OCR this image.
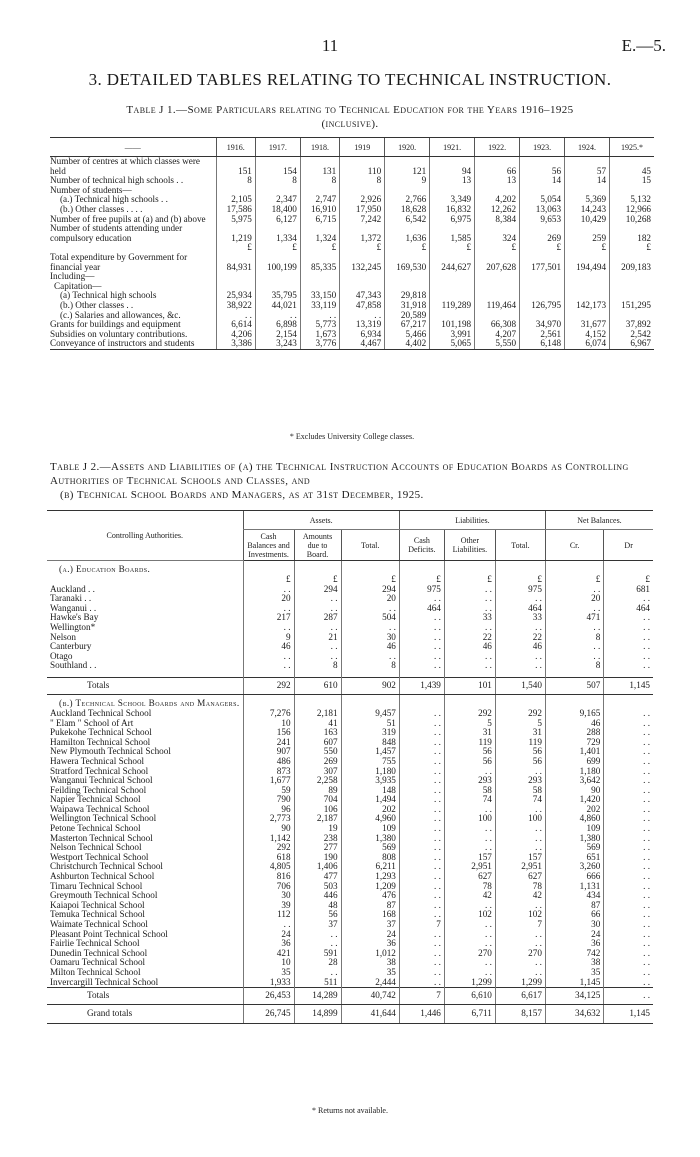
11	E.—5.
3. DETAILED TABLES RELATING TO TECHNICAL INSTRUCTION.
Table J 1.—Some Particulars relating to Technical Education for the Years 1916–1925
(inclusive).
——	1916.	1917.	1918.	1919	1920.	1921.	1922.	1923.	1924.	1925.*
Number of centres at which classes were held	151	154	131	110	121	94	66	56	57	45
Number of technical high schools . .	8	8	8	8	9	13	13	14	14	15
Number of students—										
(a.) Technical high schools . .	2,105	2,347	2,747	2,926	2,766	3,349	4,202	5,054	5,369	5,132
(b.) Other classes . . . .	17,586	18,400	16,910	17,950	18,628	16,832	12,262	13,063	14,243	12,966
Number of free pupils at (a) and (b) above	5,975	6,127	6,715	7,242	6,542	6,975	8,384	9,653	10,429	10,268
Number of students attending under compulsory education	1,219	1,334	1,324	1,372	1,636	1,585	324	269	259	182
	£	£	£	£	£	£	£	£	£	£
Total expenditure by Government for financial year	84,931	100,199	85,335	132,245	169,530	244,627	207,628	177,501	194,494	209,183
Including—										
Capitation—										
(a) Technical high schools	25,934	35,795	33,150	47,343	29,818					
(b.) Other classes . .	38,922	44,021	33,119	47,858	31,918	119,289	119,464	126,795	142,173	151,295
(c.) Salaries and allowances, &c.	. .	. .	. .	. .	20,589					
Grants for buildings and equipment	6,614	6,898	5,773	13,319	67,217	101,198	66,308	34,970	31,677	37,892
Subsidies on voluntary contributions.	4,206	2,154	1,673	6,934	5,466	3,991	4,207	2,561	4,152	2,542
Conveyance of instructors and students	3,386	3,243	3,776	4,467	4,402	5,065	5,550	6,148	6,074	6,967
* Excludes University College classes.
Table J 2.—Assets and Liabilities of (a) the Technical Instruction Accounts of Education Boards as Controlling Authorities of Technical Schools and Classes, and
(b) Technical School Boards and Managers, as at 31st December, 1925.
Controlling Authorities.	Assets.			Liabilities.			Net Balances.	
	Cash Balances and Investments.	Amounts due to Board.	Total.	Cash Deficits.	Other Liabilities.	Total.	Cr.	Dr
(a.) Education Boards.								
	£	£	£	£	£	£	£	£
Auckland . .	. .	294	294	975	. .	975	. .	681
Taranaki . .	20	. .	20	. .	. .	. .	20	. .
Wanganui . .	. .	. .	. .	464	. .	464	. .	464
Hawke's Bay	217	287	504	. .	33	33	471	. .
Wellington*	. .	. .	. .	. .	. .	. .	. .	. .
Nelson	9	21	30	. .	22	22	8	. .
Canterbury	46	. .	46	. .	46	46	. .	. .
Otago	. .	. .	. .	. .	. .	. .	. .	. .
Southland . .	. .	8	8	. .	. .	. .	8	. .

Totals	292	610	902	1,439	101	1,540	507	1,145
(b.) Technical School Boards and Managers.								
Auckland Technical School	7,276	2,181	9,457	. .	292	292	9,165	. .
" Elam " School of Art	10	41	51	. .	5	5	46	. .
Pukekohe Technical School	156	163	319	. .	31	31	288	. .
Hamilton Technical School	241	607	848	. .	119	119	729	. .
New Plymouth Technical School	907	550	1,457	. .	56	56	1,401	. .
Hawera Technical School	486	269	755	. .	56	56	699	. .
Stratford Technical School	873	307	1,180	. .	. .	. .	1,180	. .
Wanganui Technical School	1,677	2,258	3,935	. .	293	293	3,642	. .
Feilding Technical School	59	89	148	. .	58	58	90	. .
Napier Technical School	790	704	1,494	. .	74	74	1,420	. .
Waipawa Technical School	96	106	202	. .	. .	. .	202	. .
Wellington Technical School	2,773	2,187	4,960	. .	100	100	4,860	. .
Petone Technical School	90	19	109	. .	. .	. .	109	. .
Masterton Technical School	1,142	238	1,380	. .	. .	. .	1,380	. .
Nelson Technical School	292	277	569	. .	. .	. .	569	. .
Westport Technical School	618	190	808	. .	157	157	651	. .
Christchurch Technical School	4,805	1,406	6,211	. .	2,951	2,951	3,260	. .
Ashburton Technical School	816	477	1,293	. .	627	627	666	. .
Timaru Technical School	706	503	1,209	. .	78	78	1,131	. .
Greymouth Technical School	30	446	476	. .	42	42	434	. .
Kaiapoi Technical School	39	48	87	. .	. .	. .	87	. .
Temuka Technical School	112	56	168	. .	102	102	66	. .
Waimate Technical School	. .	37	37	7	. .	7	30	. .
Pleasant Point Technical School	24	. .	24	. .	. .	. .	24	. .
Fairlie Technical School	36	. .	36	. .	. .	. .	36	. .
Dunedin Technical School	421	591	1,012	. .	270	270	742	. .
Oamaru Technical School	10	28	38	. .	. .	. .	38	. .
Milton Technical School	35	. .	35	. .	. .	. .	35	. .
Invercargill Technical School	1,933	511	2,444	. .	1,299	1,299	1,145	. .
Totals	26,453	14,289	40,742	7	6,610	6,617	34,125	. .
Grand totals	26,745	14,899	41,644	1,446	6,711	8,157	34,632	1,145
* Returns not available.
